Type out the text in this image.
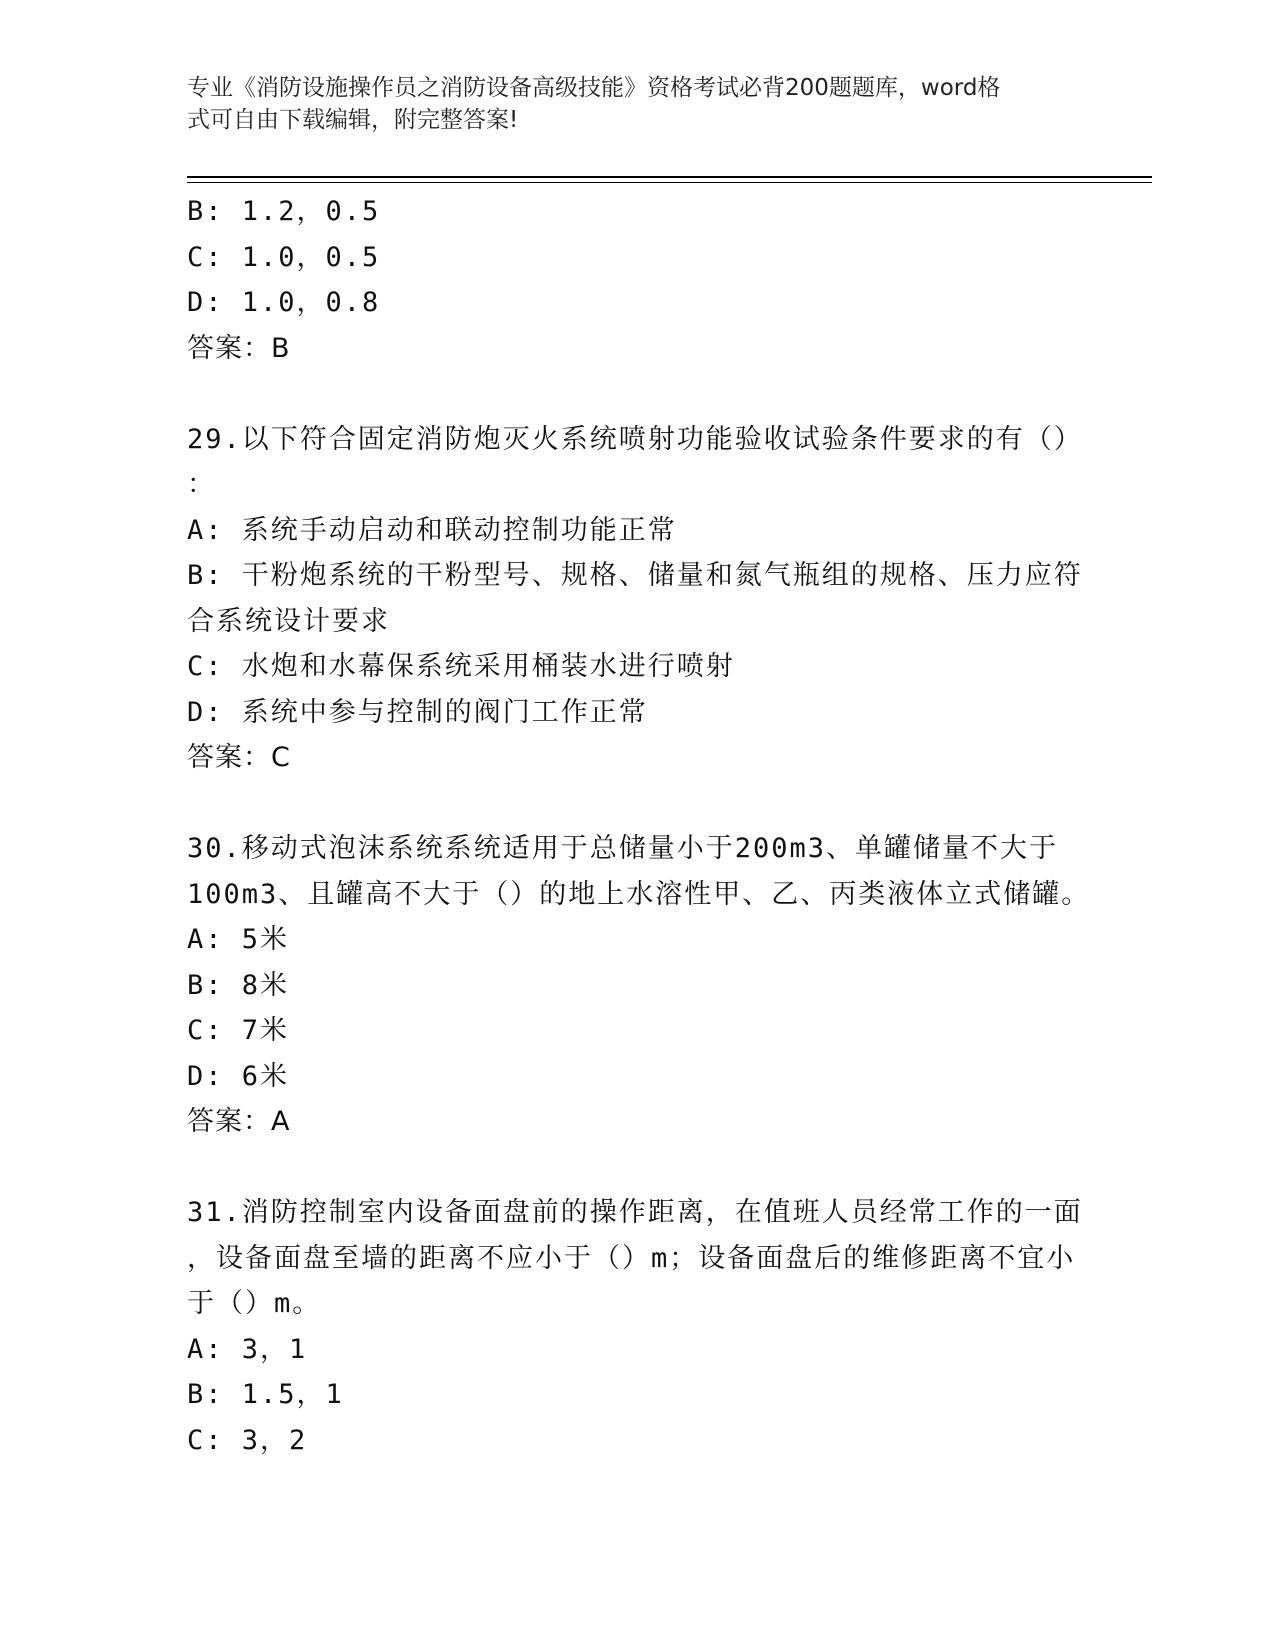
专业《消防设施操作员之消防设备高级技能》资格考试必背200题题库，word格
式可自由下载编辑，附完整答案!
B: 1.2，0.5
C: 1.0，0.5
D: 1.0，0.8
答案：B
29.以下符合固定消防炮灭火系统喷射功能验收试验条件要求的有（）
：
A: 系统手动启动和联动控制功能正常
B: 干粉炮系统的干粉型号、规格、储量和氮气瓶组的规格、压力应符
合系统设计要求
C: 水炮和水幕保系统采用桶装水进行喷射
D: 系统中参与控制的阀门工作正常
答案：C
30.移动式泡沫系统系统适用于总储量小于200m3、单罐储量不大于
100m3、且罐高不大于（）的地上水溶性甲、乙、丙类液体立式储罐。
A: 5米
B: 8米
C: 7米
D: 6米
答案：A
31.消防控制室内设备面盘前的操作距离，在值班人员经常工作的一面
，设备面盘至墙的距离不应小于（）m；设备面盘后的维修距离不宜小
于（）m。
A: 3，1
B: 1.5，1
C: 3，2
